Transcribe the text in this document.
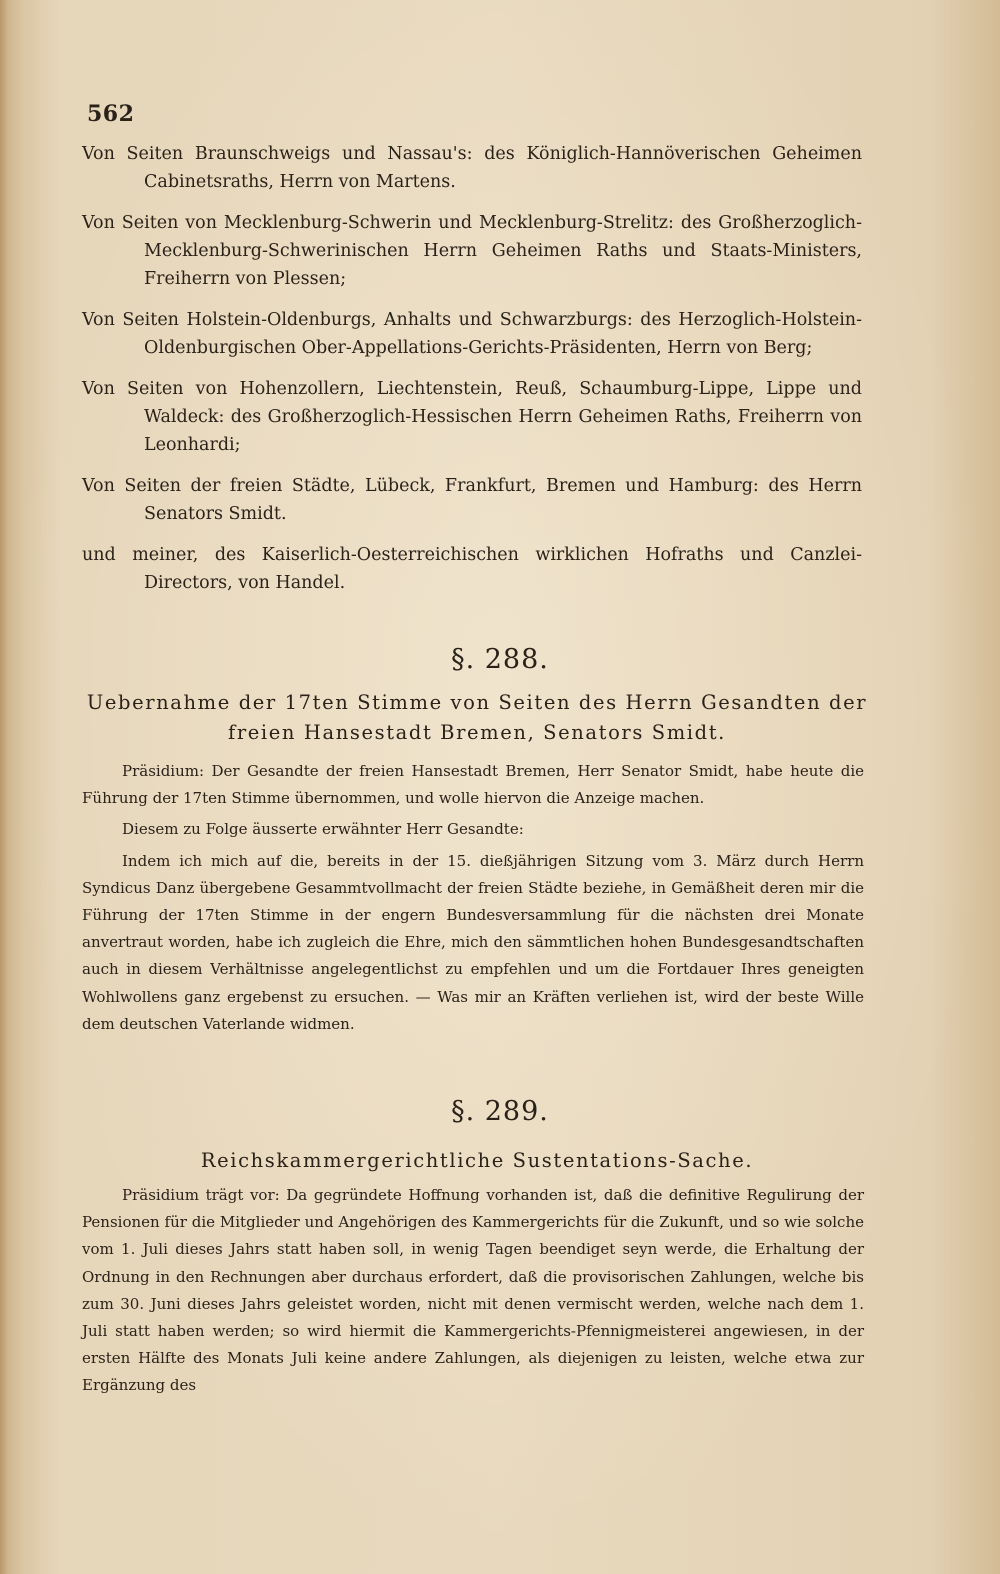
562
Von Seiten Braunschweigs und Nassau's: des Königlich-Hannöverischen Geheimen Cabinetsraths, Herrn von Martens.
Von Seiten von Mecklenburg-Schwerin und Mecklenburg-Strelitz: des Großherzoglich-Mecklenburg-Schwerinischen Herrn Geheimen Raths und Staats-Ministers, Freiherrn von Plessen;
Von Seiten Holstein-Oldenburgs, Anhalts und Schwarzburgs: des Herzoglich-Holstein-Oldenburgischen Ober-Appellations-Gerichts-Präsidenten, Herrn von Berg;
Von Seiten von Hohenzollern, Liechtenstein, Reuß, Schaumburg-Lippe, Lippe und Waldeck: des Großherzoglich-Hessischen Herrn Geheimen Raths, Freiherrn von Leonhardi;
Von Seiten der freien Städte, Lübeck, Frankfurt, Bremen und Hamburg: des Herrn Senators Smidt.
und meiner, des Kaiserlich-Oesterreichischen wirklichen Hofraths und Canzlei-Directors, von Handel.
§. 288.
Uebernahme der 17ten Stimme von Seiten des Herrn Gesandten der
freien Hansestadt Bremen, Senators Smidt.

Präsidium: Der Gesandte der freien Hansestadt Bremen, Herr Senator Smidt, habe heute die Führung der 17ten Stimme übernommen, und wolle hiervon die Anzeige machen.

Diesem zu Folge äusserte erwähnter Herr Gesandte:

Indem ich mich auf die, bereits in der 15. dießjährigen Sitzung vom 3. März durch Herrn Syndicus Danz übergebene Gesammtvollmacht der freien Städte beziehe, in Gemäßheit deren mir die Führung der 17ten Stimme in der engern Bundesversammlung für die nächsten drei Monate anvertraut worden, habe ich zugleich die Ehre, mich den sämmtlichen hohen Bundesgesandtschaften auch in diesem Verhältnisse angelegentlichst zu empfehlen und um die Fortdauer Ihres geneigten Wohlwollens ganz ergebenst zu ersuchen. — Was mir an Kräften verliehen ist, wird der beste Wille dem deutschen Vaterlande widmen.

§. 289.
Reichskammergerichtliche Sustentations-Sache.

Präsidium trägt vor: Da gegründete Hoffnung vorhanden ist, daß die definitive Regulirung der Pensionen für die Mitglieder und Angehörigen des Kammergerichts für die Zukunft, und so wie solche vom 1. Juli dieses Jahrs statt haben soll, in wenig Tagen beendiget seyn werde, die Erhaltung der Ordnung in den Rechnungen aber durchaus erfordert, daß die provisorischen Zahlungen, welche bis zum 30. Juni dieses Jahrs geleistet worden, nicht mit denen vermischt werden, welche nach dem 1. Juli statt haben werden; so wird hiermit die Kammergerichts-Pfennigmeisterei angewiesen, in der ersten Hälfte des Monats Juli keine andere Zahlungen, als diejenigen zu leisten, welche etwa zur Ergänzung des
